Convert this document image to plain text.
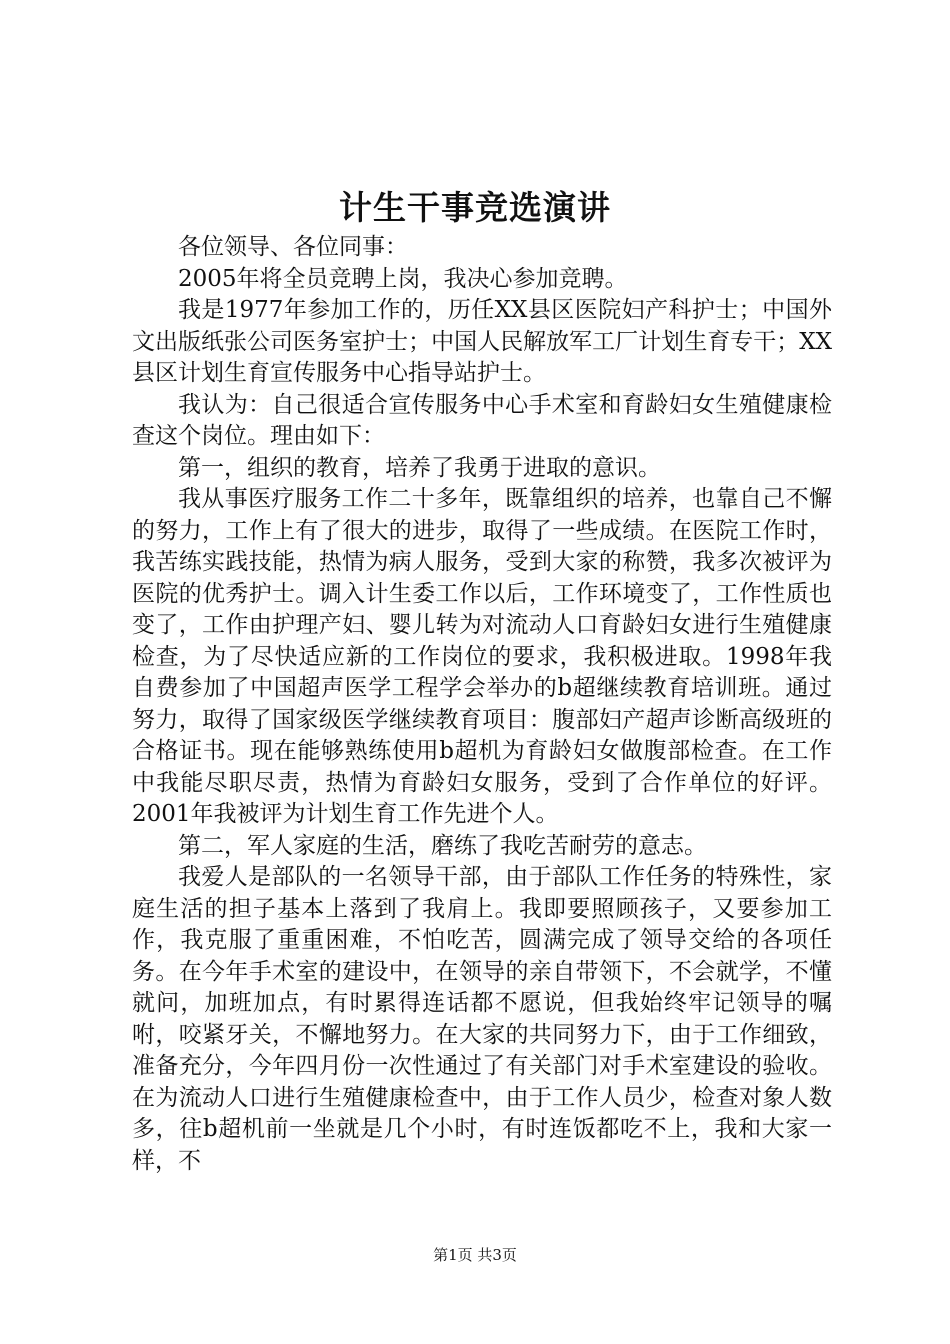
计生干事竞选演讲

各位领导、各位同事：

2005年将全员竞聘上岗，我决心参加竞聘。

我是1977年参加工作的，历任XX县区医院妇产科护士；中国外文出版纸张公司医务室护士；中国人民解放军工厂计划生育专干；XX县区计划生育宣传服务中心指导站护士。

我认为：自己很适合宣传服务中心手术室和育龄妇女生殖健康检查这个岗位。理由如下：

第一，组织的教育，培养了我勇于进取的意识。

我从事医疗服务工作二十多年，既靠组织的培养，也靠自己不懈的努力，工作上有了很大的进步，取得了一些成绩。在医院工作时，我苦练实践技能，热情为病人服务，受到大家的称赞，我多次被评为医院的优秀护士。调入计生委工作以后，工作环境变了，工作性质也变了，工作由护理产妇、婴儿转为对流动人口育龄妇女进行生殖健康检查，为了尽快适应新的工作岗位的要求，我积极进取。1998年我自费参加了中国超声医学工程学会举办的b超继续教育培训班。通过努力，取得了国家级医学继续教育项目：腹部妇产超声诊断高级班的合格证书。现在能够熟练使用b超机为育龄妇女做腹部检查。在工作中我能尽职尽责，热情为育龄妇女服务，受到了合作单位的好评。2001年我被评为计划生育工作先进个人。

第二，军人家庭的生活，磨练了我吃苦耐劳的意志。

我爱人是部队的一名领导干部，由于部队工作任务的特殊性，家庭生活的担子基本上落到了我肩上。我即要照顾孩子，又要参加工作，我克服了重重困难，不怕吃苦，圆满完成了领导交给的各项任务。在今年手术室的建设中，在领导的亲自带领下，不会就学，不懂就问，加班加点，有时累得连话都不愿说，但我始终牢记领导的嘱咐，咬紧牙关，不懈地努力。在大家的共同努力下，由于工作细致，准备充分，今年四月份一次性通过了有关部门对手术室建设的验收。在为流动人口进行生殖健康检查中，由于工作人员少，检查对象人数多，往b超机前一坐就是几个小时，有时连饭都吃不上，我和大家一样，不

第1页 共3页
